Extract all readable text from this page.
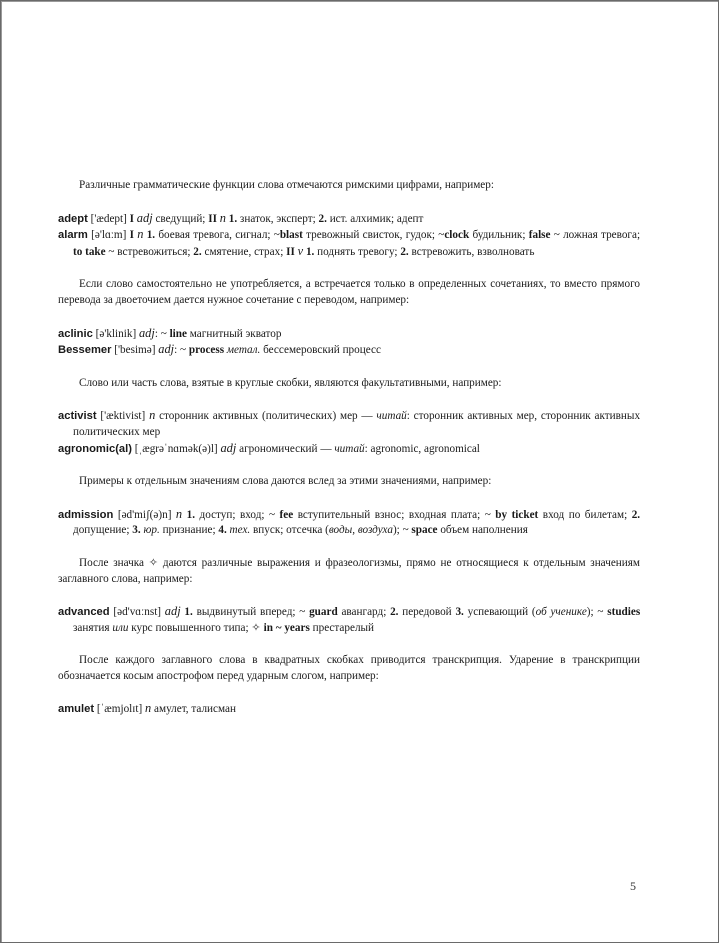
Различные грамматические функции слова отмечаются римскими цифрами, например:
adept ['ædept] I adj сведущий; II n 1. знаток, эксперт; 2. ист. алхимик; адепт
alarm [ə'lɑːm] I n 1. боевая тревога, сигнал; ~blast тревожный свисток, гудок; ~clock будильник; false ~ ложная тревога; to take ~ встревожиться; 2. смятение, страх; II v 1. поднять тревогу; 2. встревожить, взволновать
Если слово самостоятельно не употребляется, а встречается только в определенных сочетаниях, то вместо прямого перевода за двоеточием дается нужное сочетание с переводом, например:
aclinic [ə'klinik] adj: ~ line магнитный экватор
Bessemer ['besimə] adj: ~ process метал. бессемеровский процесс
Слово или часть слова, взятые в круглые скобки, являются факультативными, например:
activist ['æktivist] n сторонник активных (политических) мер — читай: сторонник активных мер, сторонник активных политических мер
agronomic(al) [ˌægrəˈnɑmək(ə)l] adj агрономический — читай: agronomic, agronomical
Примеры к отдельным значениям слова даются вслед за этими значениями, например:
admission [əd'miʃ(ə)n] n 1. доступ; вход; ~ fee вступительный взнос; входная плата; ~ by ticket вход по билетам; 2. допущение; 3. юр. признание; 4. тех. впуск; отсечка (воды, воздуха); ~ space объем наполнения
После значка ✧ даются различные выражения и фразеологизмы, прямо не относящиеся к отдельным значениям заглавного слова, например:
advanced [əd'vɑːnst] adj 1. выдвинутый вперед; ~ guard авангард; 2. передовой 3. успевающий (об ученике); ~ studies занятия или курс повышенного типа; ✧ in ~ years престарелый
После каждого заглавного слова в квадратных скобках приводится транскрипция. Ударение в транскрипции обозначается косым апострофом перед ударным слогом, например:
amulet [ˈæmjolɪt] n амулет, талисман
5
